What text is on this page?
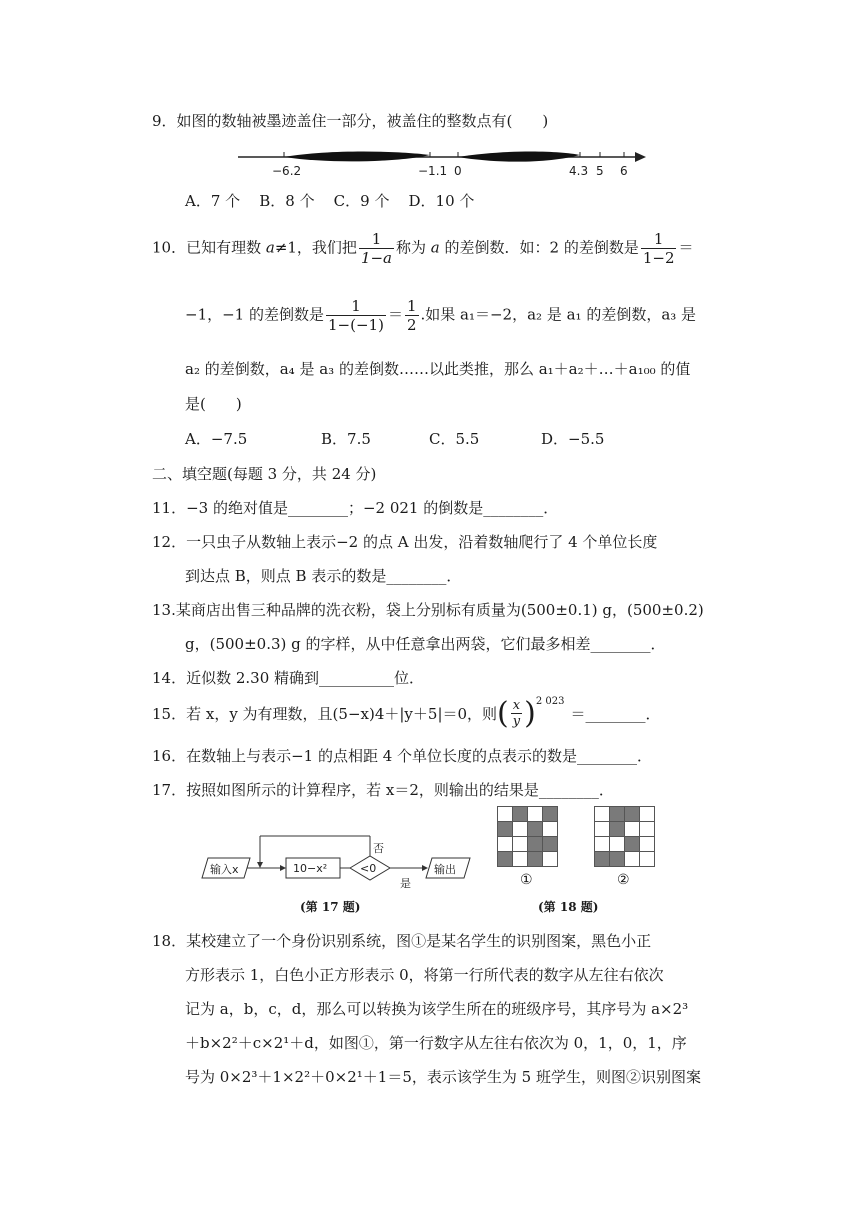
9．如图的数轴被墨迹盖住一部分，被盖住的整数点有(　　)
−6.2	−1.1 0	4.3 5 6
A．7 个 B．8 个 C．9 个 D．10 个
10．已知有理数 a≠1，我们把 $\frac{1}{1-a}$ 称为 a 的差倒数．如：2 的差倒数是 $\frac{1}{1-2}$ ＝
−1，−1 的差倒数是 $\frac{1}{1-(-1)} = \frac{1}{2}$ .如果 a₁＝−2，a₂ 是 a₁ 的差倒数，a₃ 是
a₂ 的差倒数，a₄ 是 a₃ 的差倒数……以此类推，那么 a₁＋a₂＋…＋a₁₀₀ 的值
是(　　)
A．−7.5	B．7.5	C．5.5	D．−5.5
二、填空题(每题 3 分，共 24 分)
11．−3 的绝对值是________；−2 021 的倒数是________．
12．一只虫子从数轴上表示−2 的点 A 出发，沿着数轴爬行了 4 个单位长度
到达点 B，则点 B 表示的数是________．
13.某商店出售三种品牌的洗衣粉，袋上分别标有质量为(500±0.1) g，(500±0.2)
g，(500±0.3) g 的字样，从中任意拿出两袋，它们最多相差________．
14．近似数 2.30 精确到__________位．
15．若 x，y 为有理数，且(5−x)4＋|y＋5|＝0，则( $\frac{x}{y}$ )$^{2 023}$＝________．
16．在数轴上与表示−1 的点相距 4 个单位长度的点表示的数是________．
17．按照如图所示的计算程序，若 x＝2，则输出的结果是________．
输入x	10−x²	<0
否
是
输出
(第 17 题)
①	②
(第 18 题)
18．某校建立了一个身份识别系统，图①是某名学生的识别图案，黑色小正
方形表示 1，白色小正方形表示 0，将第一行所代表的数字从左往右依次
记为 a，b，c，d，那么可以转换为该学生所在的班级序号，其序号为 a×2³
＋b×2²＋c×2¹＋d，如图①，第一行数字从左往右依次为 0，1，0，1，序
号为 0×2³＋1×2²＋0×2¹＋1＝5，表示该学生为 5 班学生，则图②识别图案
